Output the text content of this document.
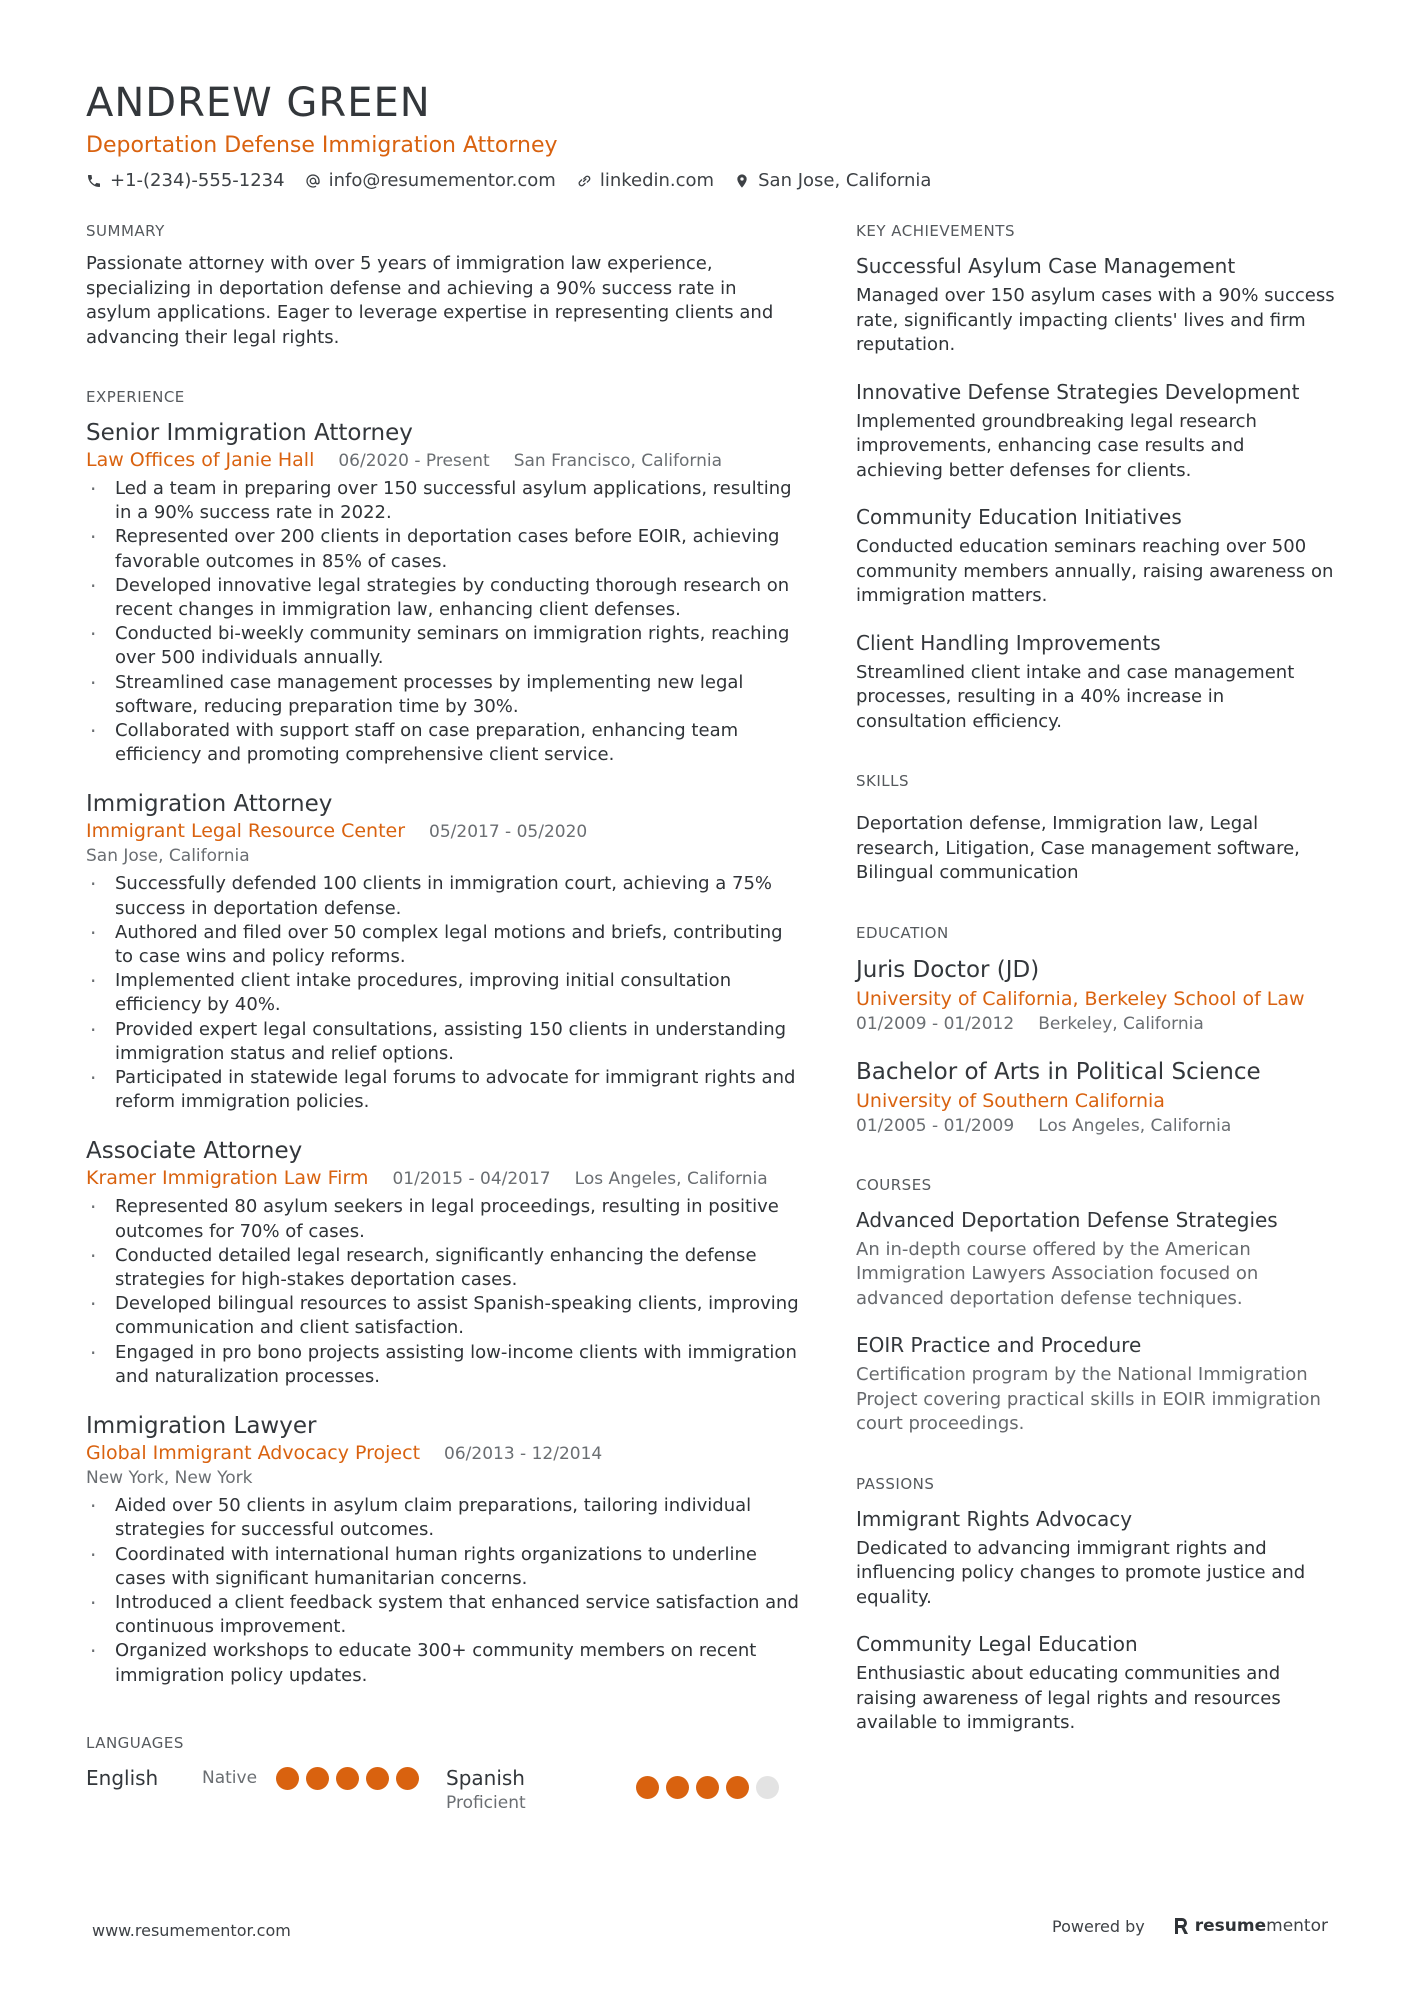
ANDREW GREEN
Deportation Defense Immigration Attorney
+1-(234)-555-1234 info@resumementor.com linkedin.com San Jose, California
SUMMARY

Passionate attorney with over 5 years of immigration law experience, specializing in deportation defense and achieving a 90% success rate in asylum applications. Eager to leverage expertise in representing clients and advancing their legal rights.

EXPERIENCE
Senior Immigration Attorney
Law Offices of Janie Hall 06/2020 - Present San Francisco, California
· Led a team in preparing over 150 successful asylum applications, resulting in a 90% success rate in 2022.
· Represented over 200 clients in deportation cases before EOIR, achieving favorable outcomes in 85% of cases.
· Developed innovative legal strategies by conducting thorough research on recent changes in immigration law, enhancing client defenses.
· Conducted bi-weekly community seminars on immigration rights, reaching over 500 individuals annually.
· Streamlined case management processes by implementing new legal software, reducing preparation time by 30%.
· Collaborated with support staff on case preparation, enhancing team efficiency and promoting comprehensive client service.
Immigration Attorney
Immigrant Legal Resource Center 05/2017 - 05/2020
San Jose, California
· Successfully defended 100 clients in immigration court, achieving a 75% success in deportation defense.
· Authored and filed over 50 complex legal motions and briefs, contributing to case wins and policy reforms.
· Implemented client intake procedures, improving initial consultation efficiency by 40%.
· Provided expert legal consultations, assisting 150 clients in understanding immigration status and relief options.
· Participated in statewide legal forums to advocate for immigrant rights and reform immigration policies.
Associate Attorney
Kramer Immigration Law Firm 01/2015 - 04/2017 Los Angeles, California
· Represented 80 asylum seekers in legal proceedings, resulting in positive outcomes for 70% of cases.
· Conducted detailed legal research, significantly enhancing the defense strategies for high-stakes deportation cases.
· Developed bilingual resources to assist Spanish-speaking clients, improving communication and client satisfaction.
· Engaged in pro bono projects assisting low-income clients with immigration and naturalization processes.
Immigration Lawyer
Global Immigrant Advocacy Project 06/2013 - 12/2014
New York, New York
· Aided over 50 clients in asylum claim preparations, tailoring individual strategies for successful outcomes.
· Coordinated with international human rights organizations to underline cases with significant humanitarian concerns.
· Introduced a client feedback system that enhanced service satisfaction and continuous improvement.
· Organized workshops to educate 300+ community members on recent immigration policy updates.
LANGUAGES
English	Native	Spanish
Proficient
KEY ACHIEVEMENTS
Successful Asylum Case Management
Managed over 150 asylum cases with a 90% success rate, significantly impacting clients' lives and firm reputation.
Innovative Defense Strategies Development
Implemented groundbreaking legal research improvements, enhancing case results and achieving better defenses for clients.
Community Education Initiatives
Conducted education seminars reaching over 500 community members annually, raising awareness on immigration matters.
Client Handling Improvements
Streamlined client intake and case management processes, resulting in a 40% increase in consultation efficiency.
SKILLS
Deportation defense, Immigration law, Legal research, Litigation, Case management software, Bilingual communication
EDUCATION
Juris Doctor (JD)
University of California, Berkeley School of Law
01/2009 - 01/2012 Berkeley, California
Bachelor of Arts in Political Science
University of Southern California
01/2005 - 01/2009 Los Angeles, California
COURSES
Advanced Deportation Defense Strategies
An in-depth course offered by the American Immigration Lawyers Association focused on advanced deportation defense techniques.
EOIR Practice and Procedure
Certification program by the National Immigration Project covering practical skills in EOIR immigration court proceedings.
PASSIONS
Immigrant Rights Advocacy
Dedicated to advancing immigrant rights and influencing policy changes to promote justice and equality.
Community Legal Education
Enthusiastic about educating communities and raising awareness of legal rights and resources available to immigrants.
www.resumementor.com	Powered by	resumementor
